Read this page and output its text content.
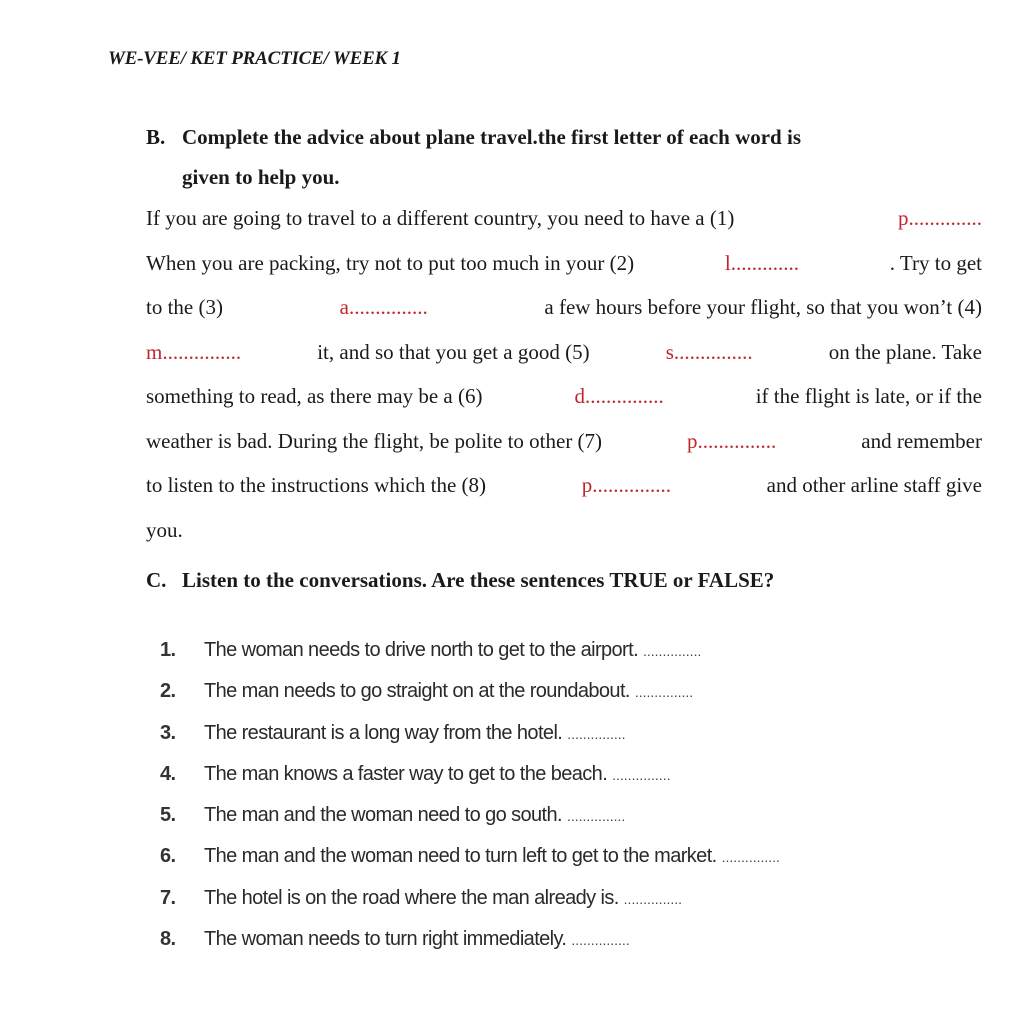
WE-VEE/ KET PRACTICE/ WEEK 1
B. Complete the advice about plane travel.the first letter of each word is
given to help you.
If you are going to travel to a different country, you need to have a (1)	p..............
When you are packing, try not to put too much in your (2)	l.............	. Try to get
to the (3)	a...............	a few hours before your flight, so that you won’t (4)
m...............	it, and so that you get a good (5)	s...............	on the plane. Take
something to read, as there may be a (6)	d...............	if the flight is late, or if the
weather is bad. During the flight, be polite to other (7)	p...............	and remember
to listen to the instructions which the (8)	p...............	and other arline staff give
you.
C. Listen to the conversations. Are these sentences TRUE or FALSE?
1. The woman needs to drive north to get to the airport. ...............
2. The man needs to go straight on at the roundabout. ...............
3. The restaurant is a long way from the hotel. ...............
4. The man knows a faster way to get to the beach. ...............
5. The man and the woman need to go south. ...............
6. The man and the woman need to turn left to get to the market. ...............
7. The hotel is on the road where the man already is. ...............
8. The woman needs to turn right immediately. ...............
